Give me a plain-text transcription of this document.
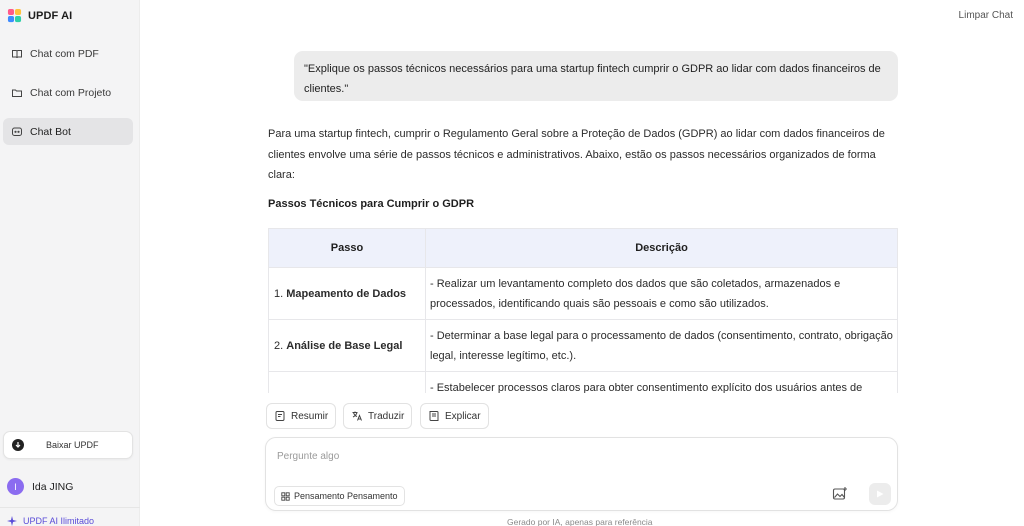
UPDF AI
Chat com PDF
Chat com Projeto
Chat Bot
Baixar UPDF
I	Ida JING
UPDF AI Ilimitado
Limpar Chat
"Explique os passos técnicos necessários para uma startup fintech cumprir o GDPR ao lidar com dados financeiros de clientes."

Para uma startup fintech, cumprir o Regulamento Geral sobre a Proteção de Dados (GDPR) ao lidar com dados financeiros de clientes envolve uma série de passos técnicos e administrativos. Abaixo, estão os passos necessários organizados de forma clara:

Passos Técnicos para Cumprir o GDPR
Passo	Descrição
1. Mapeamento de Dados	- Realizar um levantamento completo dos dados que são coletados, armazenados e processados, identificando quais são pessoais e como são utilizados.
2. Análise de Base Legal	- Determinar a base legal para o processamento de dados (consentimento, contrato, obrigação legal, interesse legítimo, etc.).
	- Estabelecer processos claros para obter consentimento explícito dos usuários antes de
Resumir	Traduzir	Explicar
Pergunte algo
Pensamento Pensamento
Gerado por IA, apenas para referência
